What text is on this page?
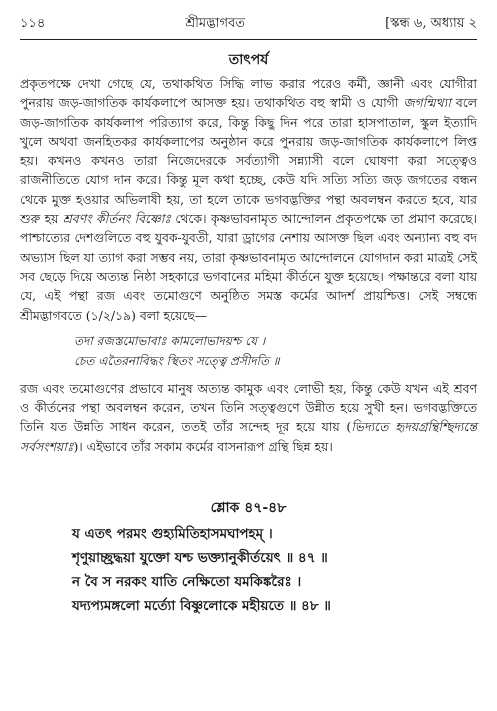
১১৪	শ্রীমদ্ভাগবত	[স্কন্ধ ৬, অধ্যায় ২
তাৎপর্য

প্রকৃতপক্ষে দেখা গেছে যে, তথাকথিত সিদ্ধি লাভ করার পরেও কর্মী, জ্ঞানী এবং যোগীরা পুনরায় জড়-জাগতিক কার্যকলাপে আসক্ত হয়। তথাকথিত বহু স্বামী ও যোগী জগন্মিথ্যা বলে জড়-জাগতিক কার্যকলাপ পরিত্যাগ করে, কিন্তু কিছু দিন পরে তারা হাসপাতাল, স্কুল ইত্যাদি খুলে অথবা জনহিতকর কার্যকলাপের অনুষ্ঠান করে পুনরায় জড়-জাগতিক কার্যকলাপে লিপ্ত হয়। কখনও কখনও তারা নিজেদেরকে সর্বত্যাগী সন্ন্যাসী বলে ঘোষণা করা সত্ত্বেও রাজনীতিতে যোগ দান করে। কিন্তু মূল কথা হচ্ছে, কেউ যদি সত্যি সত্যি জড় জগতের বন্ধন থেকে মুক্ত হওয়ার অভিলাষী হয়, তা হলে তাকে ভগবদ্ভক্তির পন্থা অবলম্বন করতে হবে, যার শুরু হয় শ্রবণং কীর্তনং বিষ্ণোঃ থেকে। কৃষ্ণভাবনামৃত আন্দোলন প্রকৃতপক্ষে তা প্রমাণ করেছে। পাশ্চাত্যের দেশগুলিতে বহু যুবক-যুবতী, যারা ড্রাগের নেশায় আসক্ত ছিল এবং অন্যান্য বহু বদ অভ্যাস ছিল যা ত্যাগ করা সম্ভব নয়, তারা কৃষ্ণভাবনামৃত আন্দোলনে যোগদান করা মাত্রই সেই সব ছেড়ে দিয়ে অত্যন্ত নিষ্ঠা সহকারে ভগবানের মহিমা কীর্তনে যুক্ত হয়েছে। পক্ষান্তরে বলা যায় যে, এই পন্থা রজ এবং তমোগুণে অনুষ্ঠিত সমস্ত কর্মের আদর্শ প্রায়শ্চিত্ত। সেই সম্বন্ধে শ্রীমদ্ভাগবতে (১/২/১৯) বলা হয়েছে—

তদা রজস্তমোভাবাঃ কামলোভাদয়শ্চ যে ।
চেত এতৈরনাবিদ্ধং স্থিতং সত্ত্বে প্রসীদতি ॥

রজ এবং তমোগুণের প্রভাবে মানুষ অত্যন্ত কামুক এবং লোভী হয়, কিন্তু কেউ যখন এই শ্রবণ ও কীর্তনের পন্থা অবলম্বন করেন, তখন তিনি সত্ত্বগুণে উন্নীত হয়ে সুখী হন। ভগবদ্ভক্তিতে তিনি যত উন্নতি সাধন করেন, ততই তাঁর সন্দেহ দূর হয়ে যায় (ভিদ্যতে হৃদয়গ্রন্থিশ্ছিদ্যন্তে সর্বসংশয়াঃ)। এইভাবে তাঁর সকাম কর্মের বাসনারূপ গ্রন্থি ছিন্ন হয়।

শ্লোক ৪৭-৪৮
য এতৎ পরমং গুহ্যমিতিহাসমঘাপহম্ ।
শৃণুয়াচ্ছ্রদ্ধয়া যুক্তো যশ্চ ভক্ত্যানুকীর্তয়েৎ ॥ ৪৭ ॥
ন বৈ স নরকং যাতি নেক্ষিতো যমকিঙ্করৈঃ ।
যদ্যপ্যমঙ্গলো মর্ত্যো বিষ্ণুলোকে মহীয়তে ॥ ৪৮ ॥
